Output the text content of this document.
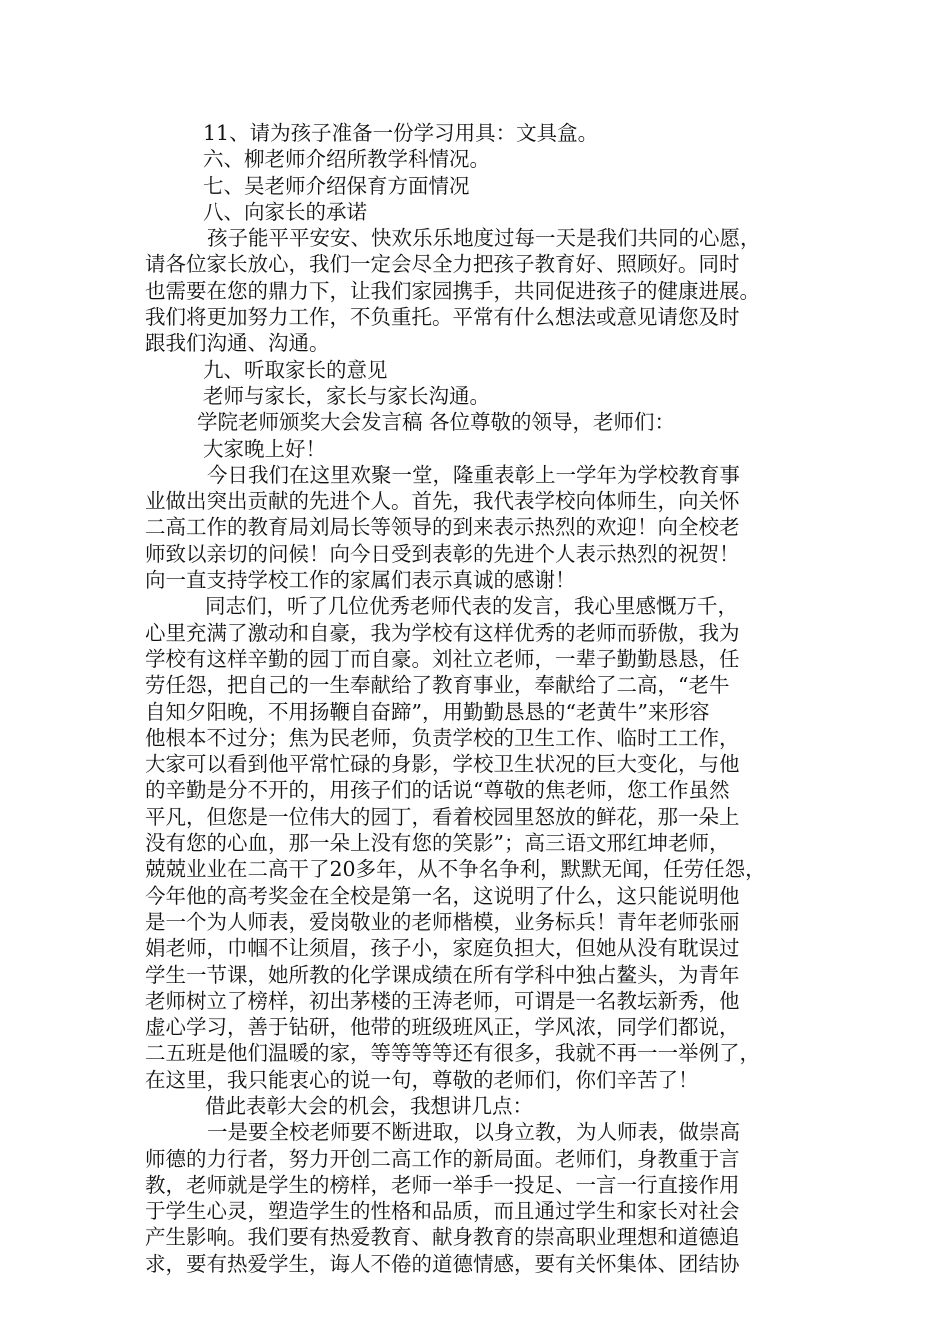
11、请为孩子准备一份学习用具：文具盒。
六、柳老师介绍所教学科情况。
七、吴老师介绍保育方面情况
八、向家长的承诺
孩子能平平安安、快欢乐乐地度过每一天是我们共同的心愿，
请各位家长放心，我们一定会尽全力把孩子教育好、照顾好。同时
也需要在您的鼎力下，让我们家园携手，共同促进孩子的健康进展。
我们将更加努力工作，不负重托。平常有什么想法或意见请您及时
跟我们沟通、沟通。
九、听取家长的意见
老师与家长，家长与家长沟通。
学院老师颁奖大会发言稿 各位尊敬的领导，老师们：
大家晚上好！
今日我们在这里欢聚一堂，隆重表彰上一学年为学校教育事
业做出突出贡献的先进个人。首先，我代表学校向体师生，向关怀
二高工作的教育局刘局长等领导的到来表示热烈的欢迎！向全校老
师致以亲切的问候！向今日受到表彰的先进个人表示热烈的祝贺！
向一直支持学校工作的家属们表示真诚的感谢！
同志们，听了几位优秀老师代表的发言，我心里感慨万千，
心里充满了激动和自豪，我为学校有这样优秀的老师而骄傲，我为
学校有这样辛勤的园丁而自豪。刘社立老师，一辈子勤勤恳恳，任
劳任怨，把自己的一生奉献给了教育事业，奉献给了二高，“老牛
自知夕阳晚，不用扬鞭自奋蹄”，用勤勤恳恳的“老黄牛”来形容
他根本不过分；焦为民老师，负责学校的卫生工作、临时工工作，
大家可以看到他平常忙碌的身影，学校卫生状况的巨大变化，与他
的辛勤是分不开的，用孩子们的话说“尊敬的焦老师，您工作虽然
平凡，但您是一位伟大的园丁，看着校园里怒放的鲜花，那一朵上
没有您的心血，那一朵上没有您的笑影”；高三语文邢红坤老师，
兢兢业业在二高干了20多年，从不争名争利，默默无闻，任劳任怨，
今年他的高考奖金在全校是第一名，这说明了什么，这只能说明他
是一个为人师表，爱岗敬业的老师楷模，业务标兵！青年老师张丽
娟老师，巾帼不让须眉，孩子小，家庭负担大，但她从没有耽误过
学生一节课，她所教的化学课成绩在所有学科中独占鳌头，为青年
老师树立了榜样，初出茅楼的王涛老师，可谓是一名教坛新秀，他
虚心学习，善于钻研，他带的班级班风正，学风浓，同学们都说，
二五班是他们温暖的家，等等等等还有很多，我就不再一一举例了，
在这里，我只能衷心的说一句，尊敬的老师们，你们辛苦了！
借此表彰大会的机会，我想讲几点：
一是要全校老师要不断进取，以身立教，为人师表，做崇高
师德的力行者，努力开创二高工作的新局面。老师们，身教重于言
教，老师就是学生的榜样，老师一举手一投足、一言一行直接作用
于学生心灵，塑造学生的性格和品质，而且通过学生和家长对社会
产生影响。我们要有热爱教育、献身教育的崇高职业理想和道德追
求，要有热爱学生，诲人不倦的道德情感，要有关怀集体、团结协
